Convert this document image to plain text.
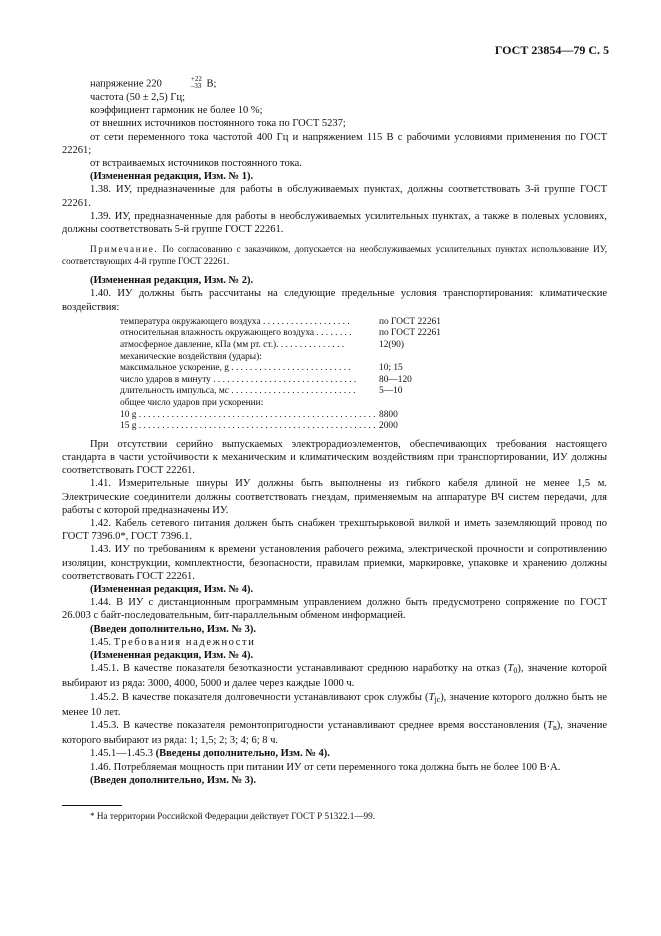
ГОСТ 23854—79 С. 5

напряжение 220	+22
–33 В;

частота (50 ± 2,5) Гц;

коэффициент гармоник не более 10 %;

от внешних источников постоянного тока по ГОСТ 5237;

от сети переменного тока частотой 400 Гц и напряжением 115 В с рабочими условиями применения по ГОСТ 22261;

от встраиваемых источников постоянного тока.

(Измененная редакция, Изм. № 1).

1.38. ИУ, предназначенные для работы в обслуживаемых пунктах, должны соответствовать 3-й группе ГОСТ 22261.

1.39. ИУ, предназначенные для работы в необслуживаемых усилительных пунктах, а также в полевых условиях, должны соответствовать 5-й группе ГОСТ 22261.

Примечание. По согласованию с заказчиком, допускается на необслуживаемых усилительных пунктах использование ИУ, соответствующих 4-й группе ГОСТ 22261.

(Измененная редакция, Изм. № 2).

1.40. ИУ должны быть рассчитаны на следующие предельные условия транспортирования: климатические воздействия:

температура окружающего воздуха . . . . . . . . . . . . . . . . . . .	по ГОСТ 22261
относительная влажность окружающего воздуха . . . . . . . .	по ГОСТ 22261
атмосферное давление, кПа (мм рт. ст.). . . . . . . . . . . . . . .	12(90)
механические воздействия (удары):
максимальное ускорение, g . . . . . . . . . . . . . . . . . . . . . . . . . .	10; 15
число ударов в минуту . . . . . . . . . . . . . . . . . . . . . . . . . . . . . . .	80—120
длительность импульса, мс . . . . . . . . . . . . . . . . . . . . . . . . . . .	5—10
общее число ударов при ускорении:
10 g . . . . . . . . . . . . . . . . . . . . . . . . . . . . . . . . . . . . . . . . . . . . . . . . . . . 8800
15 g . . . . . . . . . . . . . . . . . . . . . . . . . . . . . . . . . . . . . . . . . . . . . . . . . . . 2000

При отсутствии серийно выпускаемых электрорадиоэлементов, обеспечивающих требования настоящего стандарта в части устойчивости к механическим и климатическим воздействиям при транспортировании, ИУ должны соответствовать ГОСТ 22261.

1.41. Измерительные шнуры ИУ должны быть выполнены из гибкого кабеля длиной не менее 1,5 м. Электрические соединители должны соответствовать гнездам, применяемым на аппаратуре ВЧ систем передачи, для работы с которой предназначены ИУ.

1.42. Кабель сетевого питания должен быть снабжен трехштырьковой вилкой и иметь заземляющий провод по ГОСТ 7396.0*, ГОСТ 7396.1.

1.43. ИУ по требованиям к времени установления рабочего режима, электрической прочности и сопротивлению изоляции, конструкции, комплектности, безопасности, правилам приемки, маркировке, упаковке и хранению должны соответствовать ГОСТ 22261.

(Измененная редакция, Изм. № 4).

1.44. В ИУ с дистанционным программным управлением должно быть предусмотрено сопряжение по ГОСТ 26.003 с байт-последовательным, бит-параллельным обменом информацией.

(Введен дополнительно, Изм. № 3).

1.45. Требования надежности

(Измененная редакция, Изм. № 4).

1.45.1. В качестве показателя безотказности устанавливают среднюю наработку на отказ (T0), значение которой выбирают из ряда: 3000, 4000, 5000 и далее через каждые 1000 ч.

1.45.2. В качестве показателя долговечности устанавливают срок службы (Tjc), значение которого должно быть не менее 10 лет.

1.45.3. В качестве показателя ремонтопригодности устанавливают среднее время восстановления (Tв), значение которого выбирают из ряда: 1; 1,5; 2; 3; 4; 6; 8 ч.

1.45.1—1.45.3 (Введены дополнительно, Изм. № 4).

1.46. Потребляемая мощность при питании ИУ от сети переменного тока должна быть не более 100 В·А.

(Введен дополнительно, Изм. № 3).

* На территории Российской Федерации действует ГОСТ Р 51322.1—99.
